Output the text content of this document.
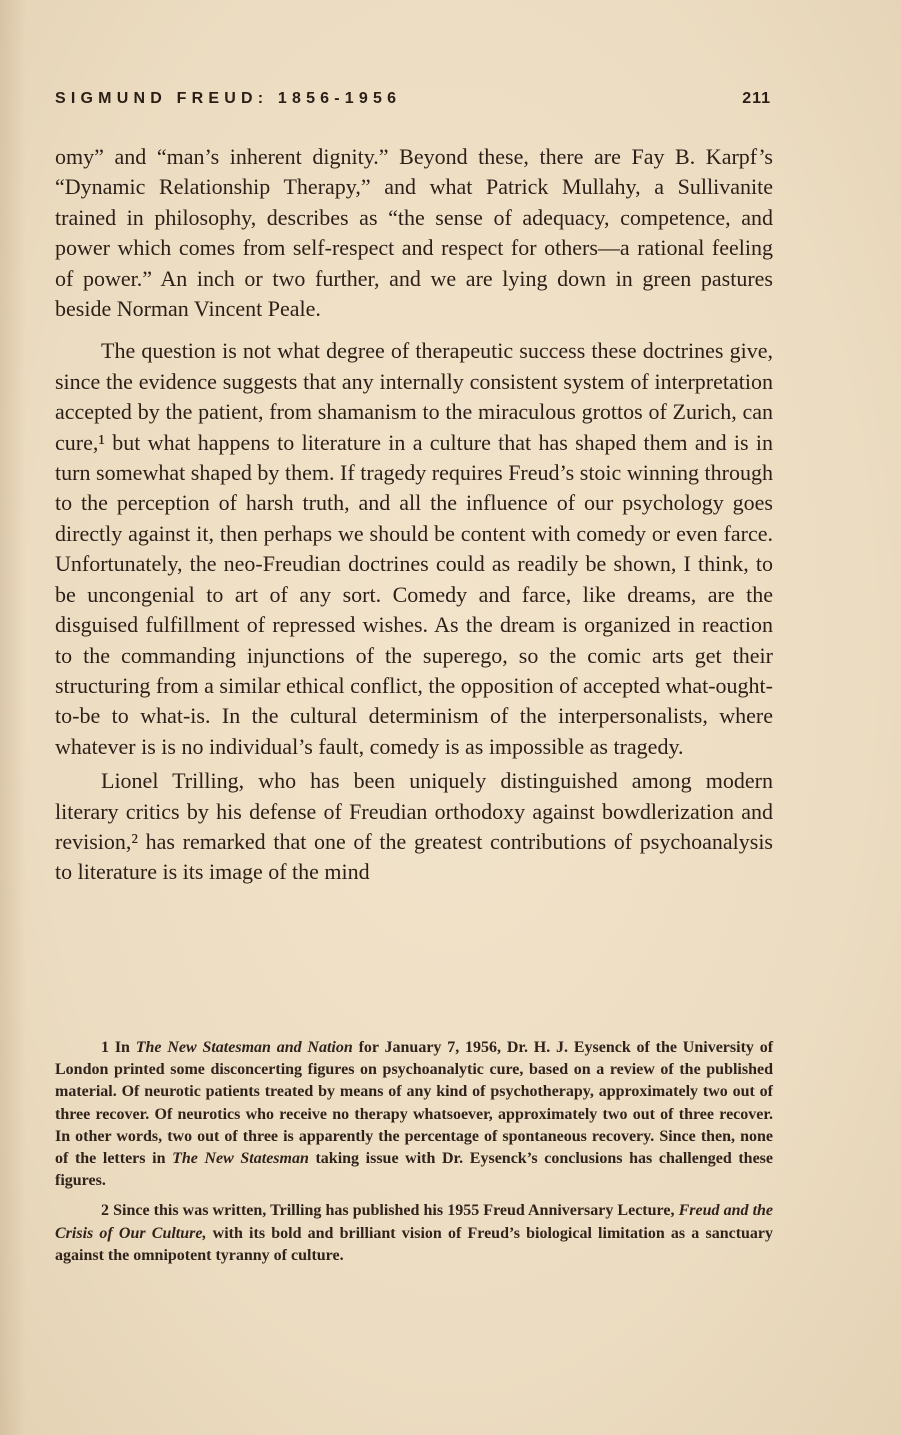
SIGMUND FREUD: 1856-1956	211

omy” and “man’s inherent dignity.” Beyond these, there are Fay B. Karpf’s “Dynamic Relationship Therapy,” and what Patrick Mullahy, a Sullivanite trained in philosophy, describes as “the sense of adequacy, competence, and power which comes from self-respect and respect for others—a rational feeling of power.” An inch or two further, and we are lying down in green pastures beside Norman Vincent Peale.

The question is not what degree of therapeutic success these doctrines give, since the evidence suggests that any internally consistent system of interpretation accepted by the patient, from shamanism to the miraculous grottos of Zurich, can cure,¹ but what happens to literature in a culture that has shaped them and is in turn somewhat shaped by them. If tragedy requires Freud’s stoic winning through to the perception of harsh truth, and all the influence of our psychology goes directly against it, then perhaps we should be content with comedy or even farce. Unfortunately, the neo-Freudian doctrines could as readily be shown, I think, to be uncongenial to art of any sort. Comedy and farce, like dreams, are the disguised fulfillment of repressed wishes. As the dream is organized in reaction to the commanding injunctions of the superego, so the comic arts get their structuring from a similar ethical conflict, the opposition of accepted what-ought-to-be to what-is. In the cultural determinism of the interpersonalists, where whatever is is no individual’s fault, comedy is as impossible as tragedy.

Lionel Trilling, who has been uniquely distinguished among modern literary critics by his defense of Freudian orthodoxy against bowdlerization and revision,² has remarked that one of the greatest contributions of psychoanalysis to literature is its image of the mind

1 In The New Statesman and Nation for January 7, 1956, Dr. H. J. Eysenck of the University of London printed some disconcerting figures on psychoanalytic cure, based on a review of the published material. Of neurotic patients treated by means of any kind of psychotherapy, approximately two out of three recover. Of neurotics who receive no therapy whatsoever, approximately two out of three recover. In other words, two out of three is apparently the percentage of spontaneous recovery. Since then, none of the letters in The New Statesman taking issue with Dr. Eysenck’s conclusions has challenged these figures.

2 Since this was written, Trilling has published his 1955 Freud Anniversary Lecture, Freud and the Crisis of Our Culture, with its bold and brilliant vision of Freud’s biological limitation as a sanctuary against the omnipotent tyranny of culture.
